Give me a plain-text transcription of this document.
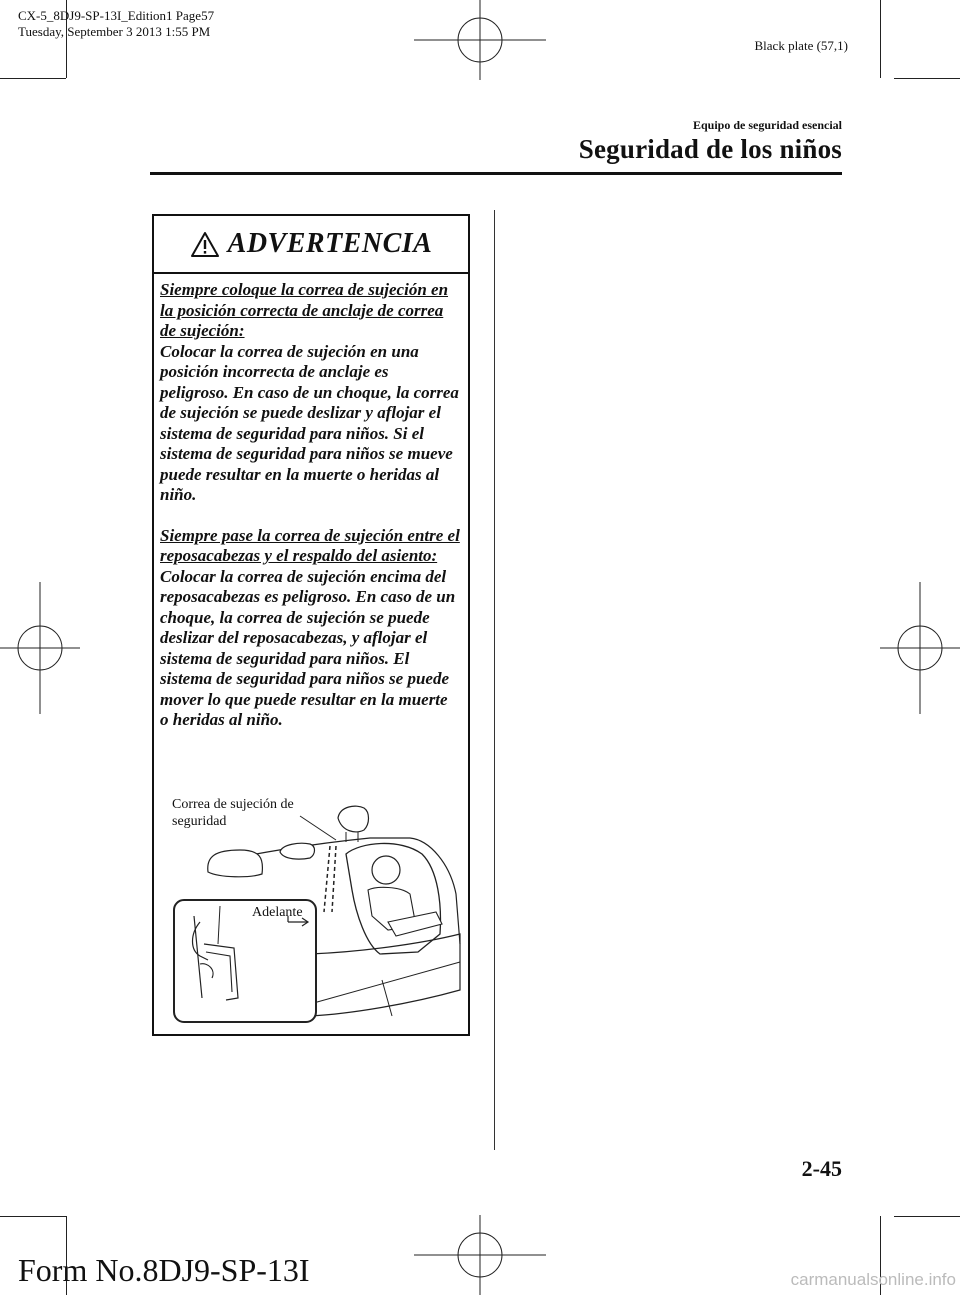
CX-5_8DJ9-SP-13I_Edition1 Page57
Tuesday, September 3 2013 1:55 PM
Black plate (57,1)
Equipo de seguridad esencial
Seguridad de los niños
ADVERTENCIA

Siempre coloque la correa de sujeción en la posición correcta de anclaje de correa de sujeción:

Colocar la correa de sujeción en una posición incorrecta de anclaje es peligroso. En caso de un choque, la correa de sujeción se puede deslizar y aflojar el sistema de seguridad para niños. Si el sistema de seguridad para niños se mueve puede resultar en la muerte o heridas al niño.

Siempre pase la correa de sujeción entre el reposacabezas y el respaldo del asiento:

Colocar la correa de sujeción encima del reposacabezas es peligroso. En caso de un choque, la correa de sujeción se puede deslizar del reposacabezas, y aflojar el sistema de seguridad para niños. El sistema de seguridad para niños se puede mover lo que puede resultar en la muerte o heridas al niño.

Correa de sujeción de
seguridad
Adelante
2-45
Form No.8DJ9-SP-13I	carmanualsonline.info
